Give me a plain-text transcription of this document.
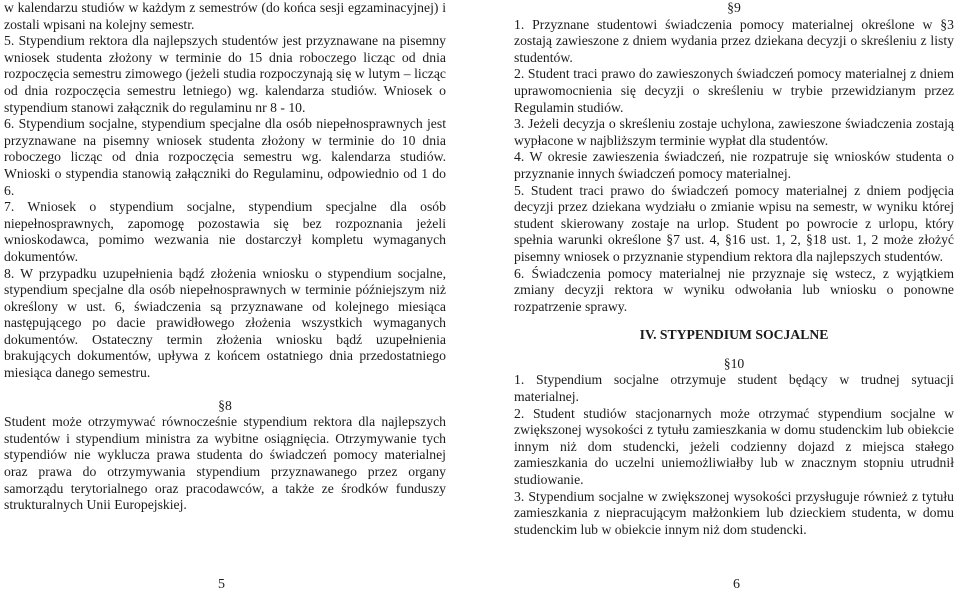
w kalendarzu studiów w każdym z semestrów (do końca sesji egzaminacyjnej) i zostali wpisani na kolejny semestr.

5. Stypendium rektora dla najlepszych studentów jest przyznawane na pisemny wniosek studenta złożony w terminie do 15 dnia roboczego licząc od dnia rozpoczęcia semestru zimowego (jeżeli studia rozpoczynają się w lutym – licząc od dnia rozpoczęcia semestru letniego) wg. kalendarza studiów. Wniosek o stypendium stanowi załącznik do regulaminu nr 8 - 10.

6. Stypendium socjalne, stypendium specjalne dla osób niepełnosprawnych jest przyznawane na pisemny wniosek studenta złożony w terminie do 10 dnia roboczego licząc od dnia rozpoczęcia semestru wg. kalendarza studiów. Wnioski o stypendia stanowią załączniki do Regulaminu, odpowiednio od 1 do 6.

7. Wniosek o stypendium socjalne, stypendium specjalne dla osób niepełnosprawnych, zapomogę pozostawia się bez rozpoznania jeżeli wnioskodawca, pomimo wezwania nie dostarczył kompletu wymaganych dokumentów.

8. W przypadku uzupełnienia bądź złożenia wniosku o stypendium socjalne, stypendium specjalne dla osób niepełnosprawnych w terminie późniejszym niż określony w ust. 6, świadczenia są przyznawane od kolejnego miesiąca następującego po dacie prawidłowego złożenia wszystkich wymaganych dokumentów. Ostateczny termin złożenia wniosku bądź uzupełnienia brakujących dokumentów, upływa z końcem ostatniego dnia przedostatniego miesiąca danego semestru.

§8

Student może otrzymywać równocześnie stypendium rektora dla najlepszych studentów i stypendium ministra za wybitne osiągnięcia. Otrzymywanie tych stypendiów nie wyklucza prawa studenta do świadczeń pomocy materialnej oraz prawa do otrzymywania stypendium przyznawanego przez organy samorządu terytorialnego oraz pracodawców, a także ze środków funduszy strukturalnych Unii Europejskiej.

§9

1. Przyznane studentowi świadczenia pomocy materialnej określone w §3 zostają zawieszone z dniem wydania przez dziekana decyzji o skreśleniu z listy studentów.

2. Student traci prawo do zawieszonych świadczeń pomocy materialnej z dniem uprawomocnienia się decyzji o skreśleniu w trybie przewidzianym przez Regulamin studiów.

3. Jeżeli decyzja o skreśleniu zostaje uchylona, zawieszone świadczenia zostają wypłacone w najbliższym terminie wypłat dla studentów.

4. W okresie zawieszenia świadczeń, nie rozpatruje się wniosków studenta o przyznanie innych świadczeń pomocy materialnej.

5. Student traci prawo do świadczeń pomocy materialnej z dniem podjęcia decyzji przez dziekana wydziału o zmianie wpisu na semestr, w wyniku której student skierowany zostaje na urlop. Student po powrocie z urlopu, który spełnia warunki określone §7 ust. 4, §16 ust. 1, 2, §18 ust. 1, 2 może złożyć pisemny wniosek o przyznanie stypendium rektora dla najlepszych studentów.

6. Świadczenia pomocy materialnej nie przyznaje się wstecz, z wyjątkiem zmiany decyzji rektora w wyniku odwołania lub wniosku o ponowne rozpatrzenie sprawy.

IV. STYPENDIUM SOCJALNE

§10

1. Stypendium socjalne otrzymuje student będący w trudnej sytuacji materialnej.

2. Student studiów stacjonarnych może otrzymać stypendium socjalne w zwiększonej wysokości z tytułu zamieszkania w domu studenckim lub obiekcie innym niż dom studencki, jeżeli codzienny dojazd z miejsca stałego zamieszkania do uczelni uniemożliwiałby lub w znacznym stopniu utrudnił studiowanie.

3. Stypendium socjalne w zwiększonej wysokości przysługuje również z tytułu zamieszkania z niepracującym małżonkiem lub dzieckiem studenta, w domu studenckim lub w obiekcie innym niż dom studencki.

5	6
